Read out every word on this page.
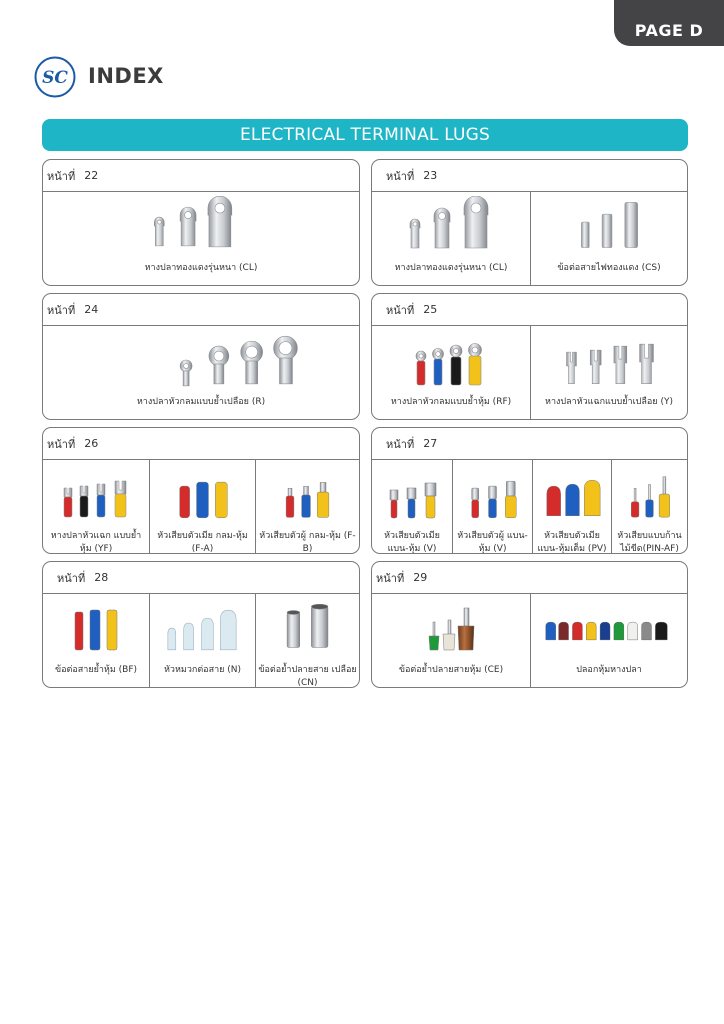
PAGE D
SC INDEX
ELECTRICAL TERMINAL LUGS
หน้าที่ 22
หางปลาทองแดงรุ่นหนา (CL)
หน้าที่ 23
หางปลาทองแดงรุ่นหนา (CL)	ข้อต่อสายไฟทองแดง (CS)
หน้าที่ 24
หางปลาหัวกลมแบบย้ำเปลือย (R)
หน้าที่ 25
หางปลาหัวกลมแบบย้ำหุ้ม (RF)	หางปลาหัวแฉกแบบย้ำเปลือย (Y)
หน้าที่ 26
หางปลาหัวแฉก แบบย้ำหุ้ม (YF)
หัวเสียบตัวเมีย กลม-หุ้ม (F-A)
หัวเสียบตัวผู้ กลม-หุ้ม (F-B)
หน้าที่ 27
หัวเสียบตัวเมีย แบน-หุ้ม (V)
หัวเสียบตัวผู้ แบน-หุ้ม (V)
หัวเสียบตัวเมีย แบน-หุ้มเต็ม (PV)
หัวเสียบแบบก้าน ไม้ขีด(PIN-AF)
หน้าที่ 28
ข้อต่อสายย้ำหุ้ม (BF)	หัวหมวกต่อสาย (N)	ข้อต่อย้ำปลายสาย เปลือย (CN)
หน้าที่ 29
ข้อต่อย้ำปลายสายหุ้ม (CE)	ปลอกหุ้มหางปลา
